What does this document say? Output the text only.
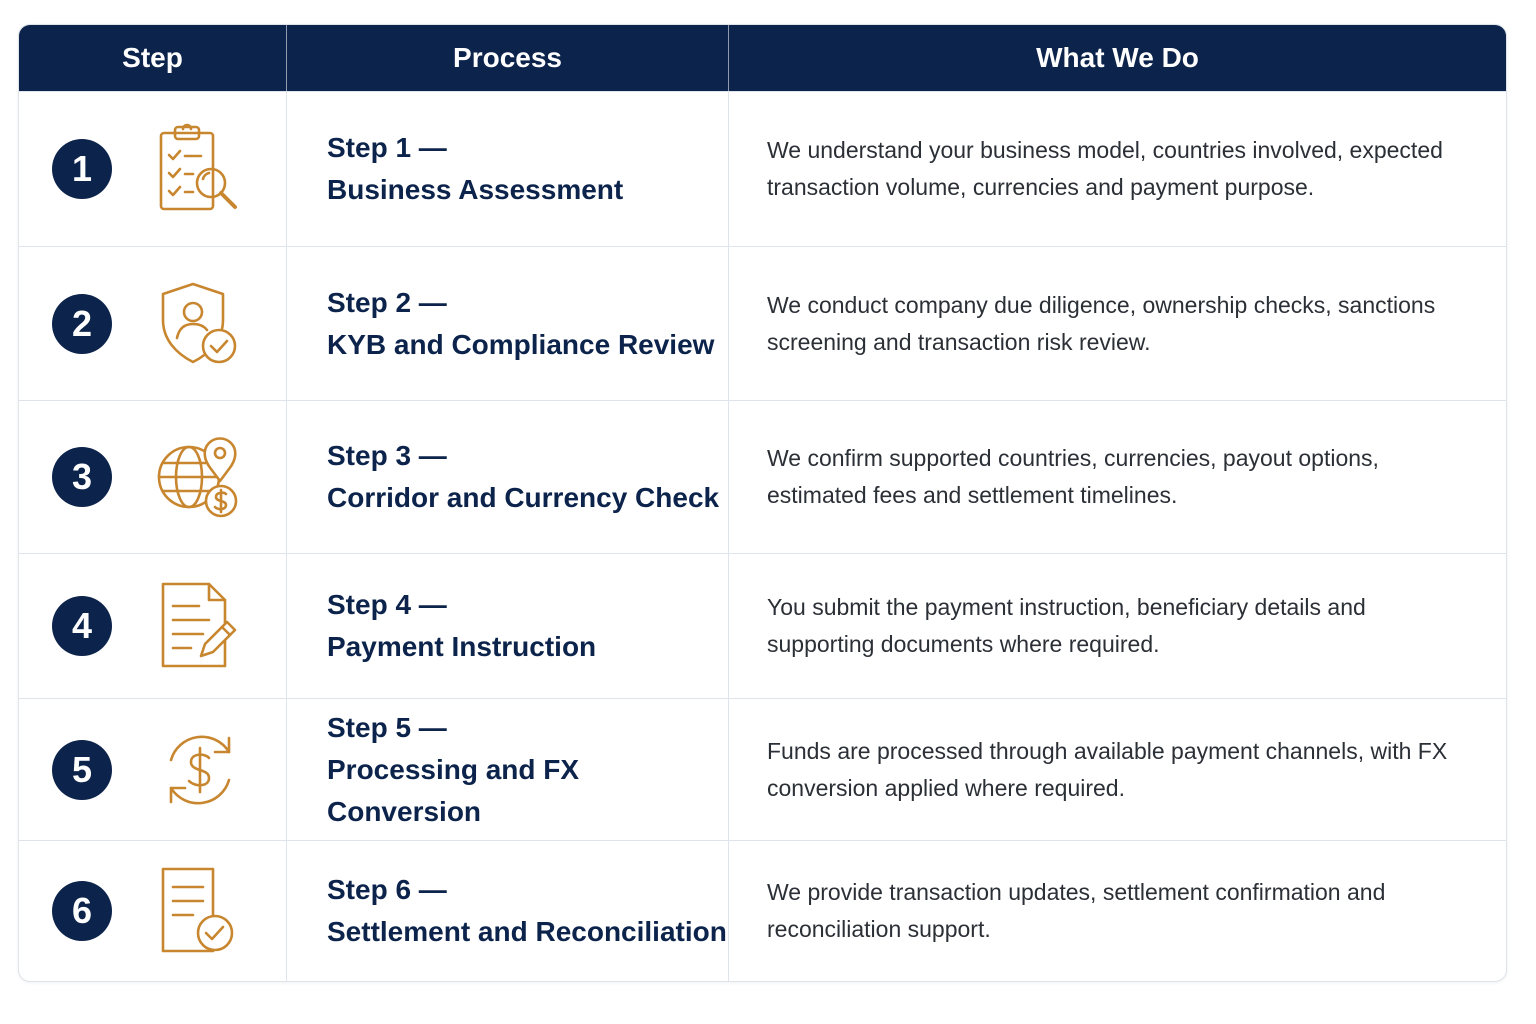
Step	Process	What We Do
1
Step 1 —
Business Assessment
We understand your business model, countries involved, expected transaction volume, currencies and payment purpose.
2
Step 2 —
KYB and Compliance Review
We conduct company due diligence, ownership checks, sanctions screening and transaction risk review.
3
Step 3 —
Corridor and Currency Check
We confirm supported countries, currencies, payout options, estimated fees and settlement timelines.
4
Step 4 —
Payment Instruction
You submit the payment instruction, beneficiary details and supporting documents where required.
5
Step 5 —
Processing and FX Conversion
Funds are processed through available payment channels, with FX conversion applied where required.
6
Step 6 —
Settlement and Reconciliation
We provide transaction updates, settlement confirmation and reconciliation support.
